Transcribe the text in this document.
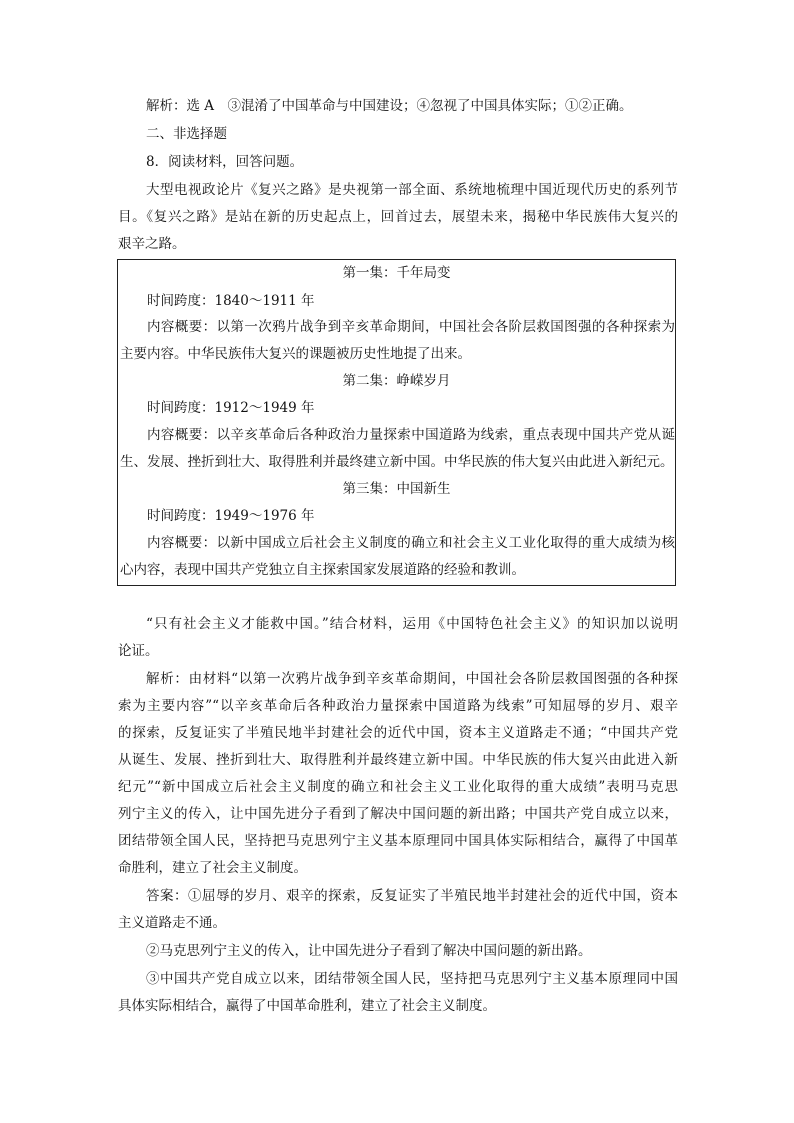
解析：选 A　③混淆了中国革命与中国建设；④忽视了中国具体实际；①②正确。
二、非选择题
8．阅读材料，回答问题。
大型电视政论片《复兴之路》是央视第一部全面、系统地梳理中国近现代历史的系列节
目。《复兴之路》是站在新的历史起点上，回首过去，展望未来，揭秘中华民族伟大复兴的
艰辛之路。
第一集：千年局变
时间跨度：1840～1911 年
内容概要：以第一次鸦片战争到辛亥革命期间，中国社会各阶层救国图强的各种探索为
主要内容。中华民族伟大复兴的课题被历史性地提了出来。
第二集：峥嵘岁月
时间跨度：1912～1949 年
内容概要：以辛亥革命后各种政治力量探索中国道路为线索，重点表现中国共产党从诞
生、发展、挫折到壮大、取得胜利并最终建立新中国。中华民族的伟大复兴由此进入新纪元。
第三集：中国新生
时间跨度：1949～1976 年
内容概要：以新中国成立后社会主义制度的确立和社会主义工业化取得的重大成绩为核
心内容，表现中国共产党独立自主探索国家发展道路的经验和教训。
“只有社会主义才能救中国。”结合材料，运用《中国特色社会主义》的知识加以说明
论证。
解析：由材料“以第一次鸦片战争到辛亥革命期间，中国社会各阶层救国图强的各种探
索为主要内容”“以辛亥革命后各种政治力量探索中国道路为线索”可知屈辱的岁月、艰辛
的探索，反复证实了半殖民地半封建社会的近代中国，资本主义道路走不通；“中国共产党
从诞生、发展、挫折到壮大、取得胜利并最终建立新中国。中华民族的伟大复兴由此进入新
纪元”“新中国成立后社会主义制度的确立和社会主义工业化取得的重大成绩”表明马克思
列宁主义的传入，让中国先进分子看到了解决中国问题的新出路；中国共产党自成立以来，
团结带领全国人民，坚持把马克思列宁主义基本原理同中国具体实际相结合，赢得了中国革
命胜利，建立了社会主义制度。
答案：①屈辱的岁月、艰辛的探索，反复证实了半殖民地半封建社会的近代中国，资本
主义道路走不通。
②马克思列宁主义的传入，让中国先进分子看到了解决中国问题的新出路。
③中国共产党自成立以来，团结带领全国人民，坚持把马克思列宁主义基本原理同中国
具体实际相结合，赢得了中国革命胜利，建立了社会主义制度。
